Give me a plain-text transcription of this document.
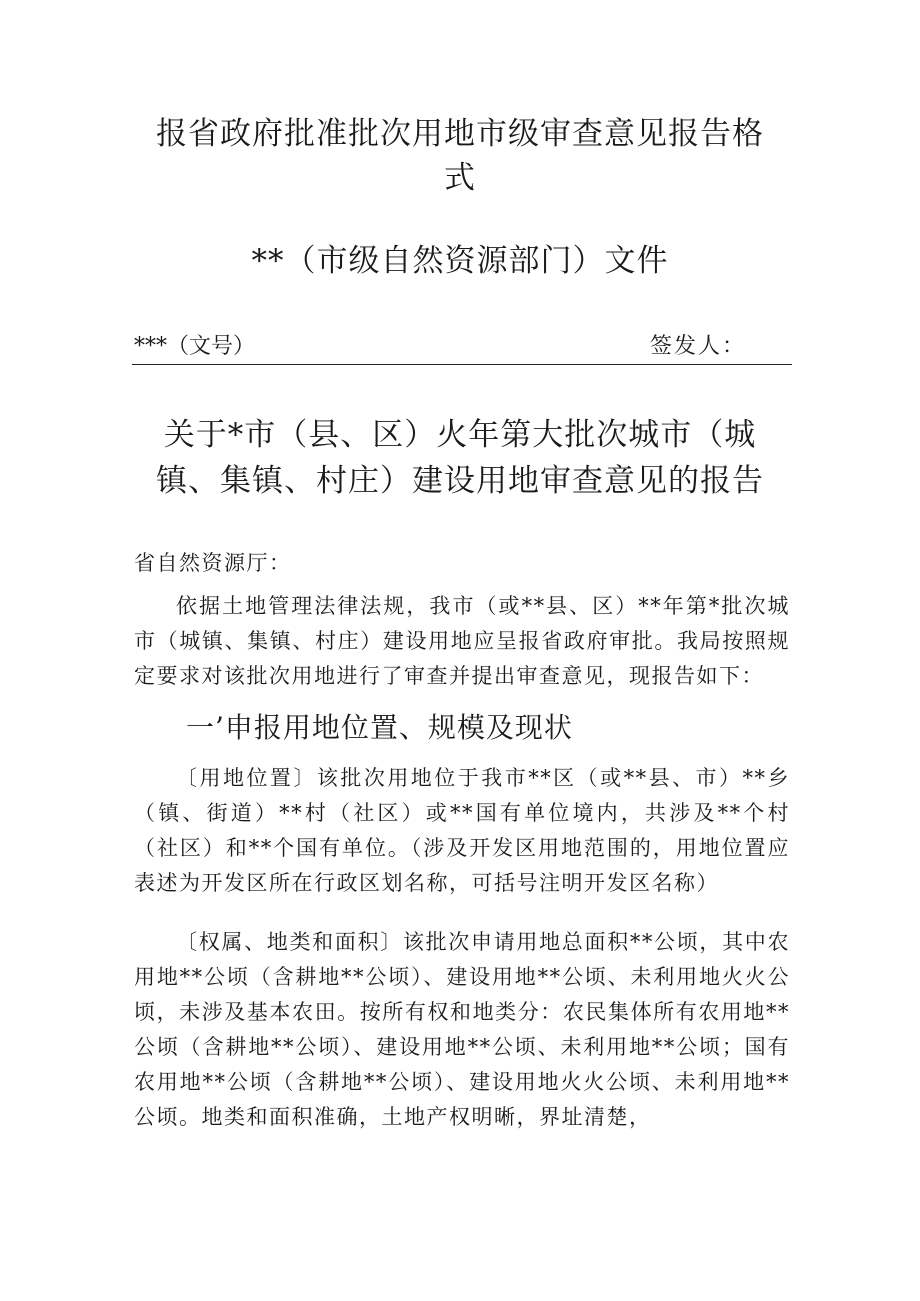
报省政府批准批次用地市级审查意见报告格式
**（市级自然资源部门）文件
***（文号）	签发人：
关于*市（县、区）火年第大批次城市（城镇、集镇、村庄）建设用地审查意见的报告
省自然资源厅：
依据土地管理法律法规，我市（或**县、区）**年第*批次城市（城镇、集镇、村庄）建设用地应呈报省政府审批。我局按照规定要求对该批次用地进行了审查并提出审查意见，现报告如下：
一’申报用地位置、规模及现状
〔用地位置〕该批次用地位于我市**区（或**县、市）**乡（镇、街道）**村（社区）或**国有单位境内，共涉及**个村（社区）和**个国有单位。（涉及开发区用地范围的，用地位置应表述为开发区所在行政区划名称，可括号注明开发区名称）
〔权属、地类和面积〕该批次申请用地总面积**公顷，其中农用地**公顷（含耕地**公顷）、建设用地**公顷、未利用地火火公顷，未涉及基本农田。按所有权和地类分：农民集体所有农用地**公顷（含耕地**公顷）、建设用地**公顷、未利用地**公顷；国有农用地**公顷（含耕地**公顷）、建设用地火火公顷、未利用地**公顷。地类和面积准确，土地产权明晰，界址清楚，
